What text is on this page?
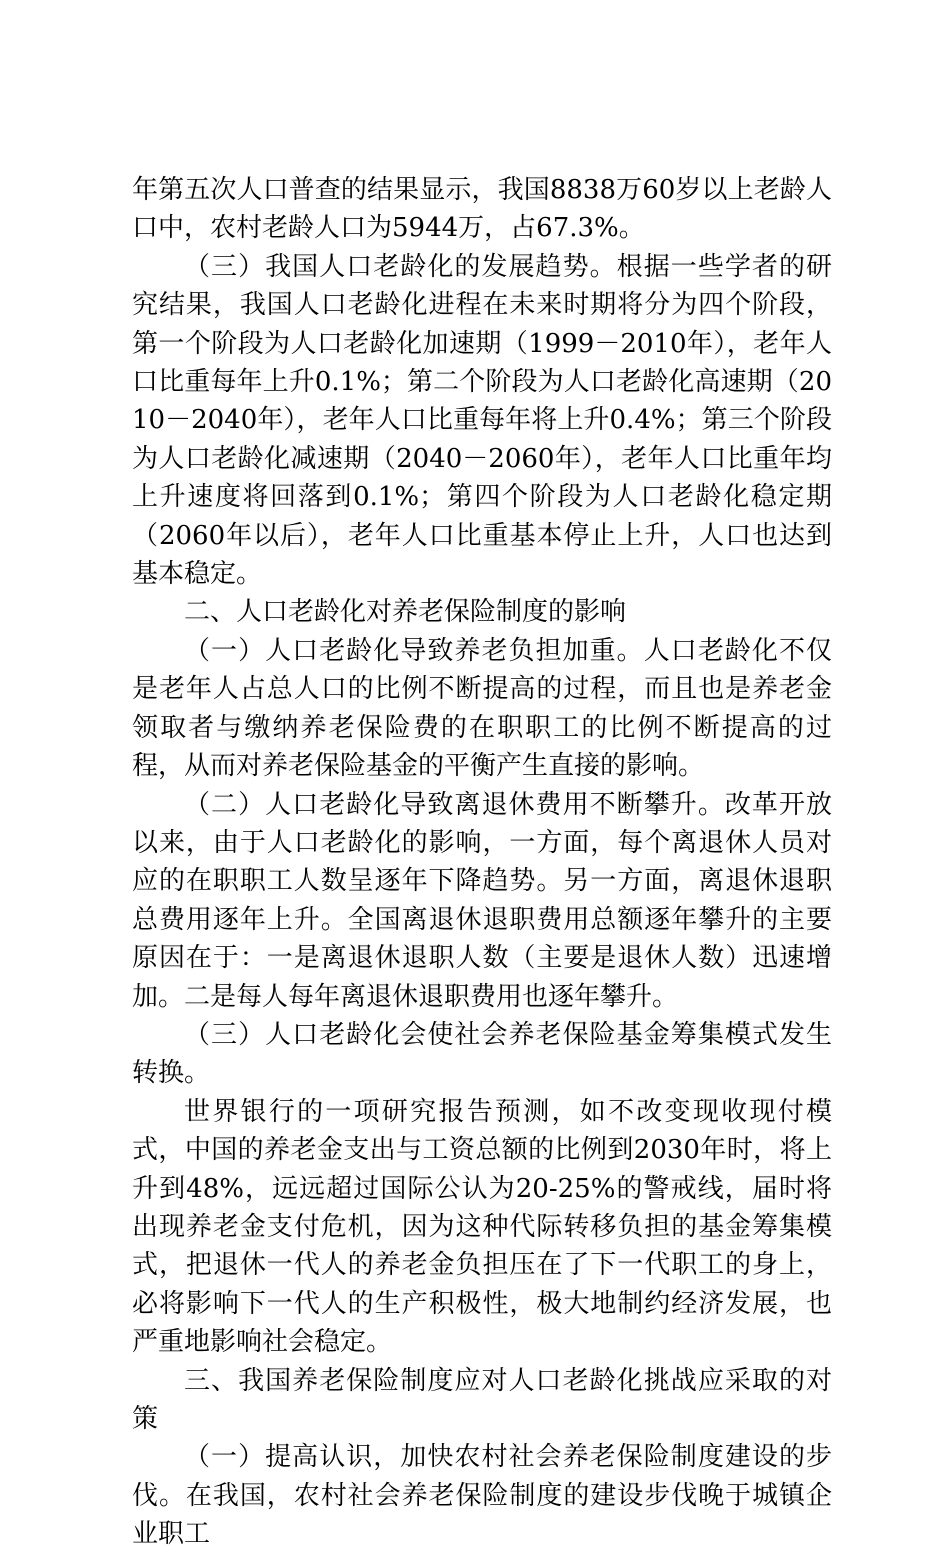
年第五次人口普查的结果显示，我国8838万60岁以上老龄人口中，农村老龄人口为5944万，占67.3%。

（三）我国人口老龄化的发展趋势。根据一些学者的研究结果，我国人口老龄化进程在未来时期将分为四个阶段，第一个阶段为人口老龄化加速期（1999－2010年），老年人口比重每年上升0.1%；第二个阶段为人口老龄化高速期（2010－2040年），老年人口比重每年将上升0.4%；第三个阶段为人口老龄化减速期（2040－2060年），老年人口比重年均上升速度将回落到0.1%；第四个阶段为人口老龄化稳定期（2060年以后），老年人口比重基本停止上升，人口也达到基本稳定。

二、人口老龄化对养老保险制度的影响

（一）人口老龄化导致养老负担加重。人口老龄化不仅是老年人占总人口的比例不断提高的过程，而且也是养老金领取者与缴纳养老保险费的在职职工的比例不断提高的过程，从而对养老保险基金的平衡产生直接的影响。

（二）人口老龄化导致离退休费用不断攀升。改革开放以来，由于人口老龄化的影响，一方面，每个离退休人员对应的在职职工人数呈逐年下降趋势。另一方面，离退休退职总费用逐年上升。全国离退休退职费用总额逐年攀升的主要原因在于：一是离退休退职人数（主要是退休人数）迅速增加。二是每人每年离退休退职费用也逐年攀升。

（三）人口老龄化会使社会养老保险基金筹集模式发生转换。

世界银行的一项研究报告预测，如不改变现收现付模式，中国的养老金支出与工资总额的比例到2030年时，将上升到48%，远远超过国际公认为20-25%的警戒线，届时将出现养老金支付危机，因为这种代际转移负担的基金筹集模式，把退休一代人的养老金负担压在了下一代职工的身上，必将影响下一代人的生产积极性，极大地制约经济发展，也严重地影响社会稳定。

三、我国养老保险制度应对人口老龄化挑战应采取的对策

（一）提高认识，加快农村社会养老保险制度建设的步伐。在我国，农村社会养老保险制度的建设步伐晚于城镇企业职工
